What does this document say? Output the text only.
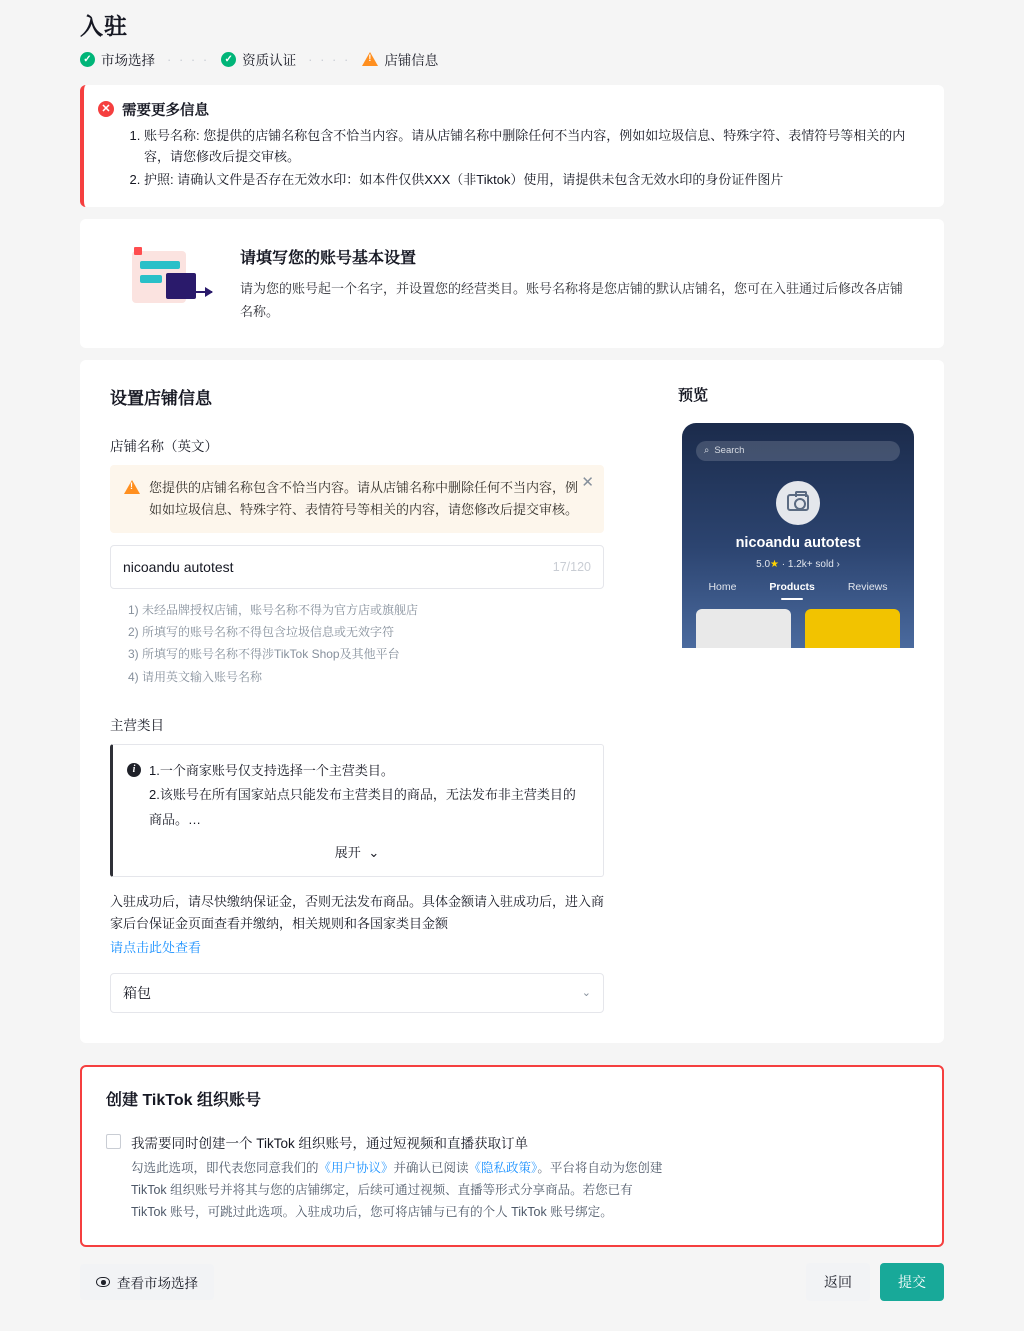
入驻
✓ 市场选择 · · · ·	✓ 资质认证 · · · · !	店铺信息
✕ 需要更多信息
1. 账号名称: 您提供的店铺名称包含不恰当内容。请从店铺名称中删除任何不当内容，例如如垃圾信息、特殊字符、表情符号等相关的内容，请您修改后提交审核。
2. 护照: 请确认文件是否存在无效水印：如本件仅供XXX（非Tiktok）使用，请提供未包含无效水印的身份证件图片
请填写您的账号基本设置
请为您的账号起一个名字，并设置您的经营类目。账号名称将是您店铺的默认店铺名，您可在入驻通过后修改各店铺名称。
设置店铺信息
店铺名称（英文）
!
您提供的店铺名称包含不恰当内容。请从店铺名称中删除任何不当内容，例如如垃圾信息、特殊字符、表情符号等相关的内容，请您修改后提交审核。
✕
nicoandu autotest	17/120
1) 未经品牌授权店铺，账号名称不得为官方店或旗舰店
2) 所填写的账号名称不得包含垃圾信息或无效字符
3) 所填写的账号名称不得涉TikTok Shop及其他平台
4) 请用英文输入账号名称
主营类目
i	1.一个商家账号仅支持选择一个主营类目。
2.该账号在所有国家站点只能发布主营类目的商品，无法发布非主营类目的商品。…
展开 ⌄
入驻成功后，请尽快缴纳保证金，否则无法发布商品。具体金额请入驻成功后，进入商家后台保证金页面查看并缴纳，相关规则和各国家类目金额
请点击此处查看
箱包	⌄
预览
⌕ Search
nicoandu autotest
5.0★ · 1.2k+ sold ›
Home	Products	Reviews
创建 TikTok 组织账号
我需要同时创建一个 TikTok 组织账号，通过短视频和直播获取订单
勾选此选项，即代表您同意我们的《用户协议》并确认已阅读《隐私政策》。平台将自动为您创建
TikTok 组织账号并将其与您的店铺绑定，后续可通过视频、直播等形式分享商品。若您已有
TikTok 账号，可跳过此选项。入驻成功后，您可将店铺与已有的个人 TikTok 账号绑定。
查看市场选择	返回	提交
